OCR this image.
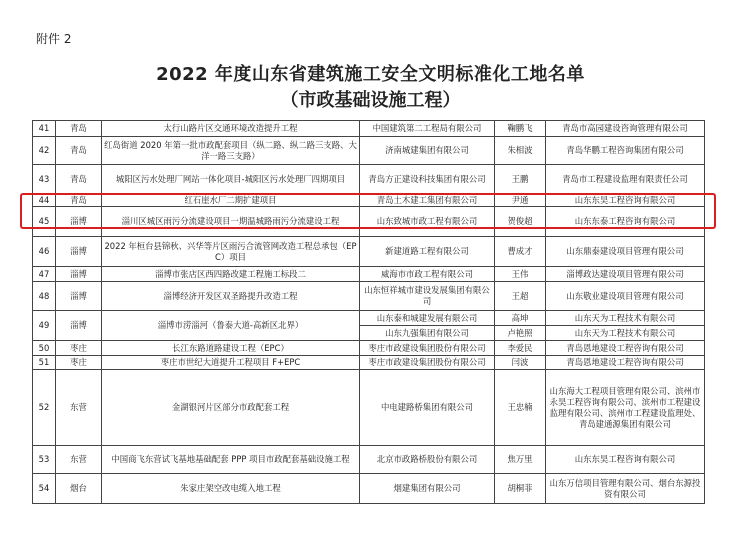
附件 2
2022 年度山东省建筑施工安全文明标准化工地名单
（市政基础设施工程）
41	青岛	太行山路片区交通环境改造提升工程	中国建筑第二工程局有限公司	鞠鹏飞	青岛市高园建设咨询管理有限公司
42	青岛	红岛街道 2020 年第一批市政配套项目（纵二路、纵二路三支路、大洋一路三支路）	济南城建集团有限公司	朱相波	青岛华鹏工程咨询集团有限公司
43	青岛	城阳区污水处理厂网站一体化项目-城阳区污水处理厂四期项目	青岛方正建设科技集团有限公司	王鹏	青岛市工程建设监理有限责任公司
44	青岛	红石崖水厂二期扩建项目	青岛土木建工集团有限公司	尹通	山东东昊工程咨询有限公司
45	淄博	淄川区城区雨污分流建设项目一期温城路雨污分流建设工程	山东致城市政工程有限公司	贺俊超	山东东泰工程咨询有限公司
46	淄博	2022 年桓台县锦秋、兴华等片区雨污合流管网改造工程总承包（EPC）项目	新建道路工程有限公司	曹成才	山东鼎泰建设项目管理有限公司
47	淄博	淄博市张店区西四路改建工程施工标段二	威海市市政工程有限公司	王伟	淄博政达建设项目管理有限公司
48	淄博	淄博经济开发区双圣路提升改造工程	山东恒祥城市建设发展集团有限公司	王超	山东敬业建设项目管理有限公司
49	淄博	淄博市涝淄河（鲁泰大道-高新区北界）	山东泰和城建发展有限公司	高坤	山东天为工程技术有限公司
			山东九强集团有限公司	卢艳照	山东天为工程技术有限公司
50	枣庄	长江东路道路建设工程（EPC）	枣庄市政建设集团股份有限公司	李爱民	青岛恩地建设工程咨询有限公司
51	枣庄	枣庄市世纪大道提升工程项目 F+EPC	枣庄市政建设集团股份有限公司	闫波	青岛恩地建设工程咨询有限公司
52	东营	金湖银河片区部分市政配套工程	中电建路桥集团有限公司	王忠楠	山东海大工程项目管理有限公司、滨州市永昊工程咨询有限公司、滨州市工程建设监理有限公司、滨州市工程建设监理处、青岛建通源集团有限公司
53	东营	中国商飞东营试飞基地基础配套 PPP 项目市政配套基础设施工程	北京市政路桥股份有限公司	焦万里	山东东昊工程咨询有限公司
54	烟台	朱家庄架空改电缆入地工程	烟建集团有限公司	胡桐菲	山东万信项目管理有限公司、烟台东源投资有限公司
